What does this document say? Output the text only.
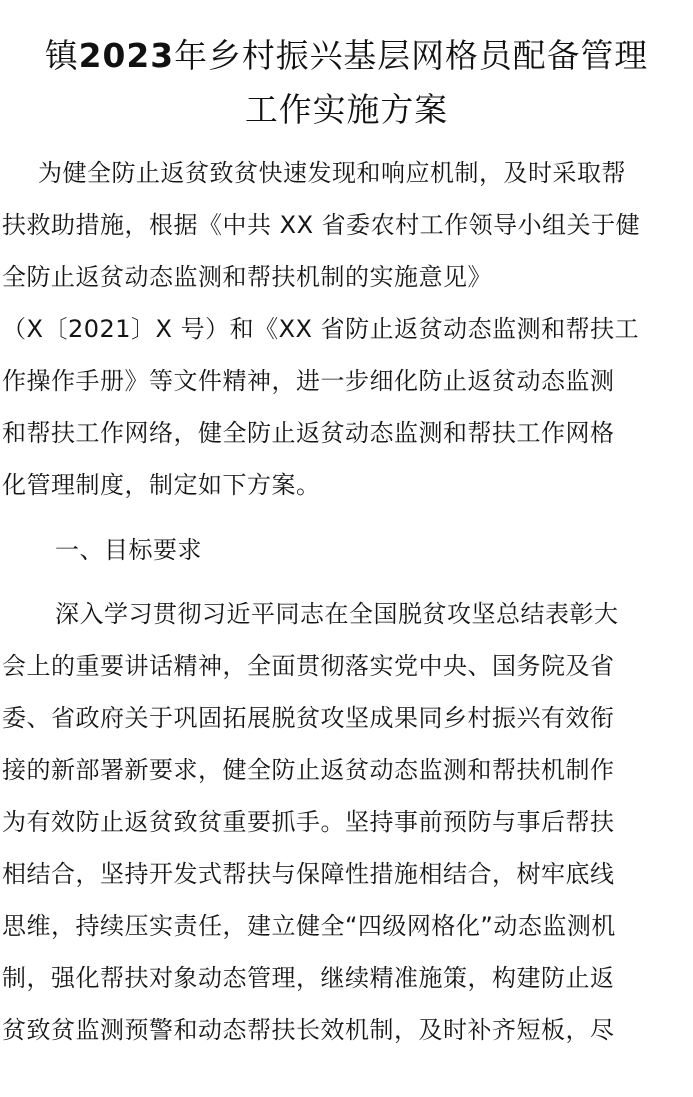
镇2023年乡村振兴基层网格员配备管理
工作实施方案
为健全防止返贫致贫快速发现和响应机制，及时采取帮
扶救助措施，根据《中共 XX 省委农村工作领导小组关于健
全防止返贫动态监测和帮扶机制的实施意见》
（X〔2021〕X 号）和《XX 省防止返贫动态监测和帮扶工
作操作手册》等文件精神，进一步细化防止返贫动态监测
和帮扶工作网络，健全防止返贫动态监测和帮扶工作网格
化管理制度，制定如下方案。
一、目标要求
深入学习贯彻习近平同志在全国脱贫攻坚总结表彰大
会上的重要讲话精神，全面贯彻落实党中央、国务院及省
委、省政府关于巩固拓展脱贫攻坚成果同乡村振兴有效衔
接的新部署新要求，健全防止返贫动态监测和帮扶机制作
为有效防止返贫致贫重要抓手。坚持事前预防与事后帮扶
相结合，坚持开发式帮扶与保障性措施相结合，树牢底线
思维，持续压实责任，建立健全“四级网格化”动态监测机
制，强化帮扶对象动态管理，继续精准施策，构建防止返
贫致贫监测预警和动态帮扶长效机制，及时补齐短板，尽
